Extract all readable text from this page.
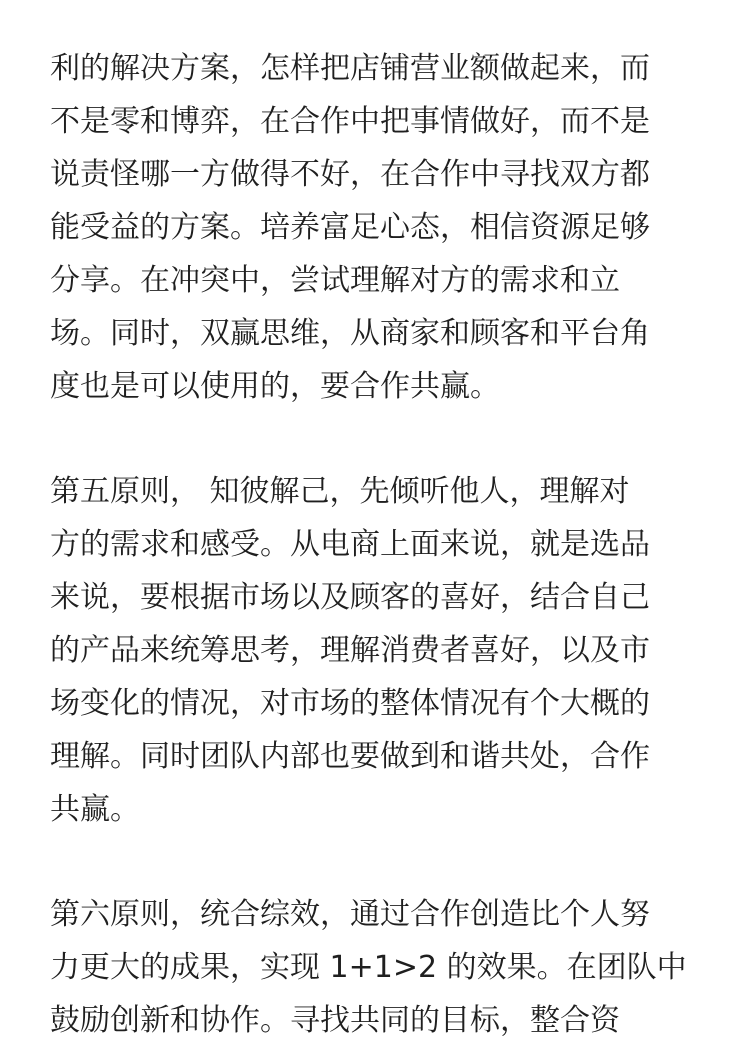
利的解决方案，怎样把店铺营业额做起来，而
不是零和博弈，在合作中把事情做好，而不是
说责怪哪一方做得不好，在合作中寻找双方都
能受益的方案。培养富足心态，相信资源足够
分享。在冲突中，尝试理解对方的需求和立
场。同时，双赢思维，从商家和顾客和平台角
度也是可以使用的，要合作共赢。
第五原则， 知彼解己，先倾听他人，理解对
方的需求和感受。从电商上面来说，就是选品
来说，要根据市场以及顾客的喜好，结合自己
的产品来统筹思考，理解消费者喜好，以及市
场变化的情况，对市场的整体情况有个大概的
理解。同时团队内部也要做到和谐共处，合作
共赢。
第六原则，统合综效，通过合作创造比个人努
力更大的成果，实现 1+1>2 的效果。在团队中
鼓励创新和协作。寻找共同的目标，整合资
